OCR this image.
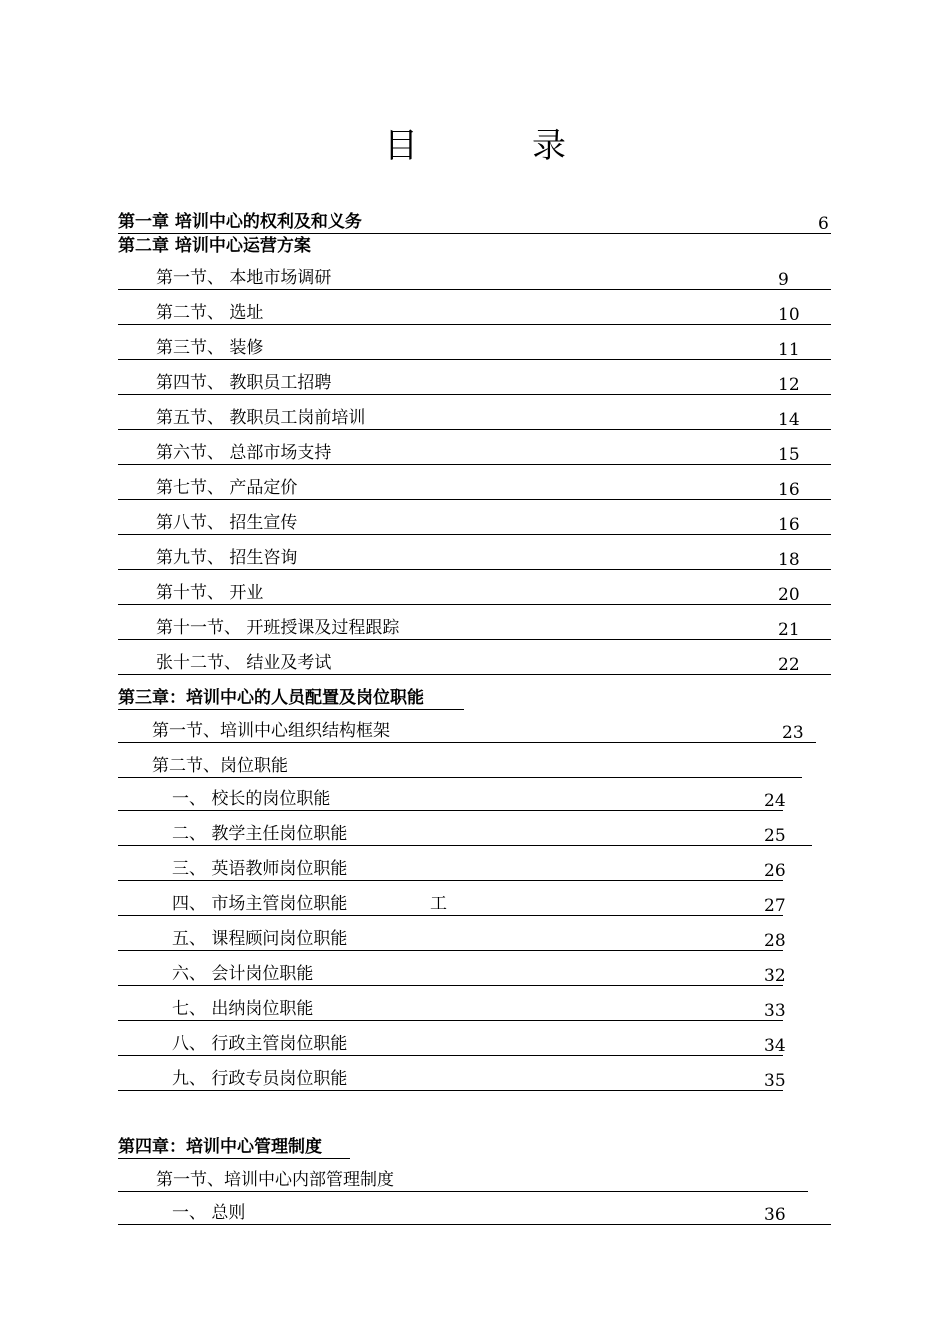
目　录
第一章 培训中心的权利及和义务	6
第二章 培训中心运营方案
第一节、 本地市场调研	9
第二节、 选址	10
第三节、 装修	11
第四节、 教职员工招聘	12
第五节、 教职员工岗前培训	14
第六节、 总部市场支持	15
第七节、 产品定价	16
第八节、 招生宣传	16
第九节、 招生咨询	18
第十节、 开业	20
第十一节、 开班授课及过程跟踪	21
张十二节、 结业及考试	22
第三章：培训中心的人员配置及岗位职能
第一节、培训中心组织结构框架	23
第二节、岗位职能
一、 校长的岗位职能	24
二、 教学主任岗位职能	25
三、 英语教师岗位职能	26
四、 市场主管岗位职能	工	27
五、 课程顾问岗位职能	28
六、 会计岗位职能	32
七、 出纳岗位职能	33
八、 行政主管岗位职能	34
九、 行政专员岗位职能	35
第四章：培训中心管理制度
第一节、培训中心内部管理制度
一、 总则	36
